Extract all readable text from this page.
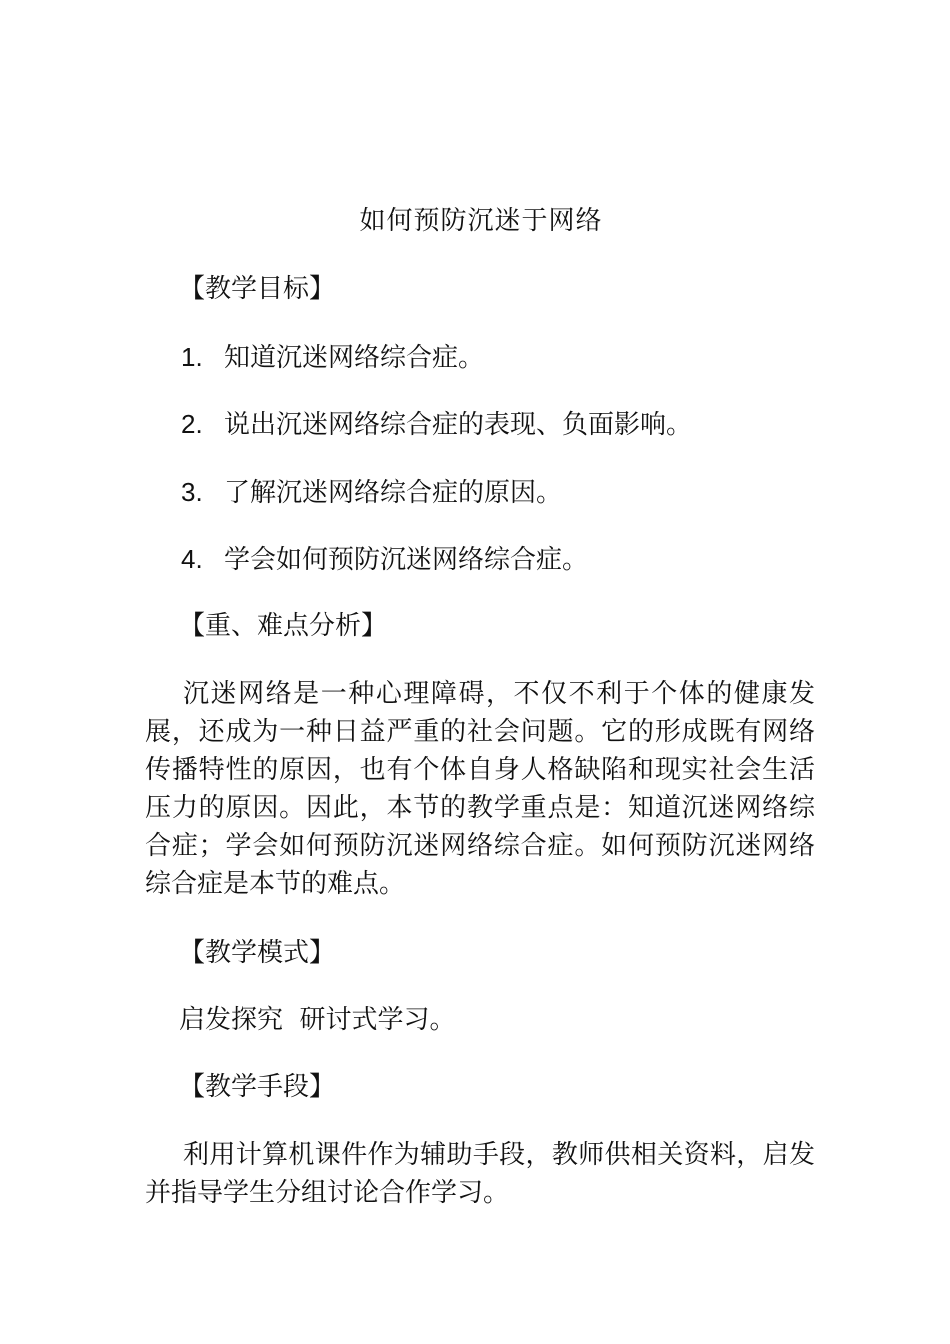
如何预防沉迷于网络
【教学目标】
1. 知道沉迷网络综合症。
2. 说出沉迷网络综合症的表现、负面影响。
3. 了解沉迷网络综合症的原因。
4. 学会如何预防沉迷网络综合症。
【重、难点分析】
沉迷网络是一种心理障碍，不仅不利于个体的健康发展，还成为一种日益严重的社会问题。它的形成既有网络传播特性的原因，也有个体自身人格缺陷和现实社会生活压力的原因。因此，本节的教学重点是：知道沉迷网络综合症；学会如何预防沉迷网络综合症。如何预防沉迷网络综合症是本节的难点。
【教学模式】
启发探究  研讨式学习。
【教学手段】
利用计算机课件作为辅助手段，教师供相关资料，启发并指导学生分组讨论合作学习。
